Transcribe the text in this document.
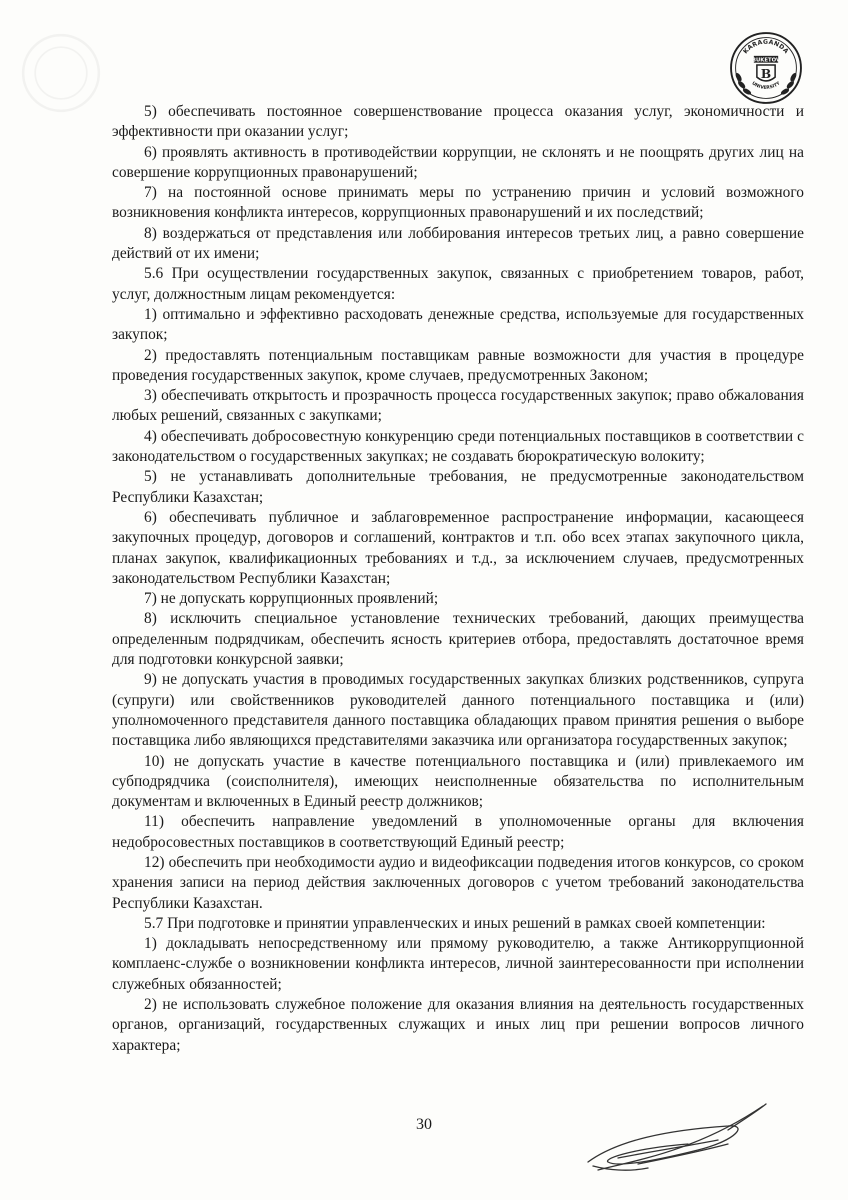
KARAGANDA
BUKETOV
B
UNIVERSITY

5) обеспечивать постоянное совершенствование процесса оказания услуг, экономичности и эффективности при оказании услуг;

6) проявлять активность в противодействии коррупции, не склонять и не поощрять других лиц на совершение коррупционных правонарушений;

7) на постоянной основе принимать меры по устранению причин и условий возможного возникновения конфликта интересов, коррупционных правонарушений и их последствий;

8) воздержаться от представления или лоббирования интересов третьих лиц, а равно совершение действий от их имени;

5.6 При осуществлении государственных закупок, связанных с приобретением товаров, работ, услуг, должностным лицам рекомендуется:

1) оптимально и эффективно расходовать денежные средства, используемые для государственных закупок;

2) предоставлять потенциальным поставщикам равные возможности для участия в процедуре проведения государственных закупок, кроме случаев, предусмотренных Законом;

3) обеспечивать открытость и прозрачность процесса государственных закупок; право обжалования любых решений, связанных с закупками;

4) обеспечивать добросовестную конкуренцию среди потенциальных поставщиков в соответствии с законодательством о государственных закупках; не создавать бюрократическую волокиту;

5) не устанавливать дополнительные требования, не предусмотренные законодательством Республики Казахстан;

6) обеспечивать публичное и заблаговременное распространение информации, касающееся закупочных процедур, договоров и соглашений, контрактов и т.п. обо всех этапах закупочного цикла, планах закупок, квалификационных требованиях и т.д., за исключением случаев, предусмотренных законодательством Республики Казахстан;

7) не допускать коррупционных проявлений;

8) исключить специальное установление технических требований, дающих преимущества определенным подрядчикам, обеспечить ясность критериев отбора, предоставлять достаточное время для подготовки конкурсной заявки;

9) не допускать участия в проводимых государственных закупках близких родственников, супруга (супруги) или свойственников руководителей данного потенциального поставщика и (или) уполномоченного представителя данного поставщика обладающих правом принятия решения о выборе поставщика либо являющихся представителями заказчика или организатора государственных закупок;

10) не допускать участие в качестве потенциального поставщика и (или) привлекаемого им субподрядчика (соисполнителя), имеющих неисполненные обязательства по исполнительным документам и включенных в Единый реестр должников;

11) обеспечить направление уведомлений в уполномоченные органы для включения недобросовестных поставщиков в соответствующий Единый реестр;

12) обеспечить при необходимости аудио и видеофиксации подведения итогов конкурсов, со сроком хранения записи на период действия заключенных договоров с учетом требований законодательства Республики Казахстан.

5.7 При подготовке и принятии управленческих и иных решений в рамках своей компетенции:

1) докладывать непосредственному или прямому руководителю, а также Антикоррупционной комплаенс-службе о возникновении конфликта интересов, личной заинтересованности при исполнении служебных обязанностей;

2) не использовать служебное положение для оказания влияния на деятельность государственных органов, организаций, государственных служащих и иных лиц при решении вопросов личного характера;

30
